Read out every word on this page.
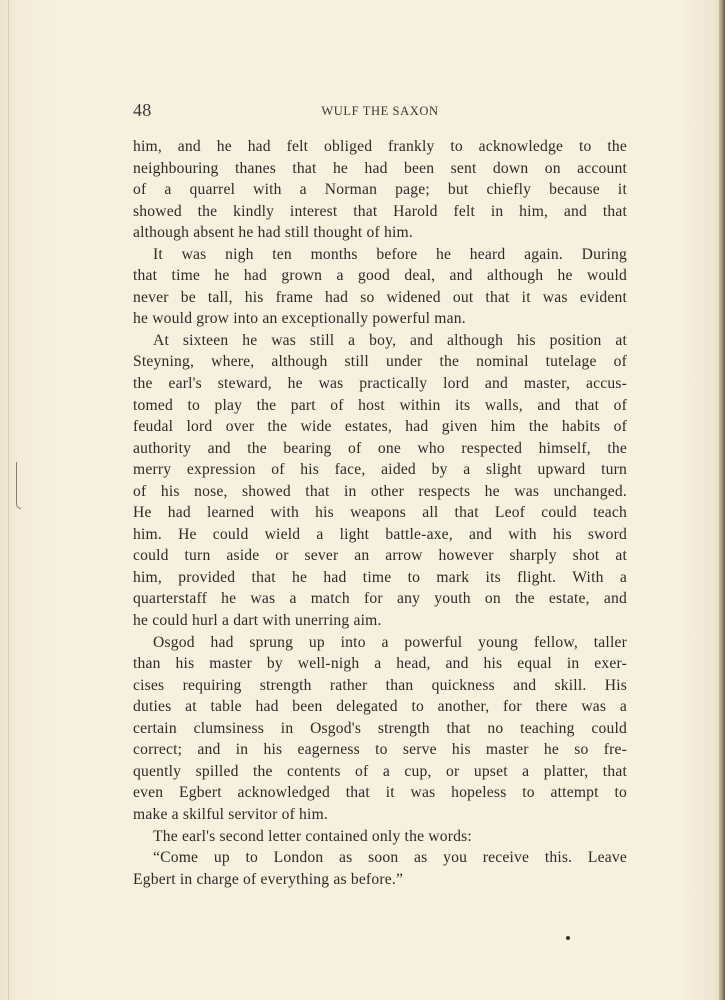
48	WULF THE SAXON
him, and he had felt obliged frankly to acknowledge to the
neighbouring thanes that he had been sent down on account
of a quarrel with a Norman page; but chiefly because it
showed the kindly interest that Harold felt in him, and that
although absent he had still thought of him.
It was nigh ten months before he heard again. During
that time he had grown a good deal, and although he would
never be tall, his frame had so widened out that it was evident
he would grow into an exceptionally powerful man.
At sixteen he was still a boy, and although his position at
Steyning, where, although still under the nominal tutelage of
the earl's steward, he was practically lord and master, accus-
tomed to play the part of host within its walls, and that of
feudal lord over the wide estates, had given him the habits of
authority and the bearing of one who respected himself, the
merry expression of his face, aided by a slight upward turn
of his nose, showed that in other respects he was unchanged.
He had learned with his weapons all that Leof could teach
him. He could wield a light battle-axe, and with his sword
could turn aside or sever an arrow however sharply shot at
him, provided that he had time to mark its flight. With a
quarterstaff he was a match for any youth on the estate, and
he could hurl a dart with unerring aim.
Osgod had sprung up into a powerful young fellow, taller
than his master by well-nigh a head, and his equal in exer-
cises requiring strength rather than quickness and skill. His
duties at table had been delegated to another, for there was a
certain clumsiness in Osgod's strength that no teaching could
correct; and in his eagerness to serve his master he so fre-
quently spilled the contents of a cup, or upset a platter, that
even Egbert acknowledged that it was hopeless to attempt to
make a skilful servitor of him.
The earl's second letter contained only the words:
“Come up to London as soon as you receive this. Leave
Egbert in charge of everything as before.”
